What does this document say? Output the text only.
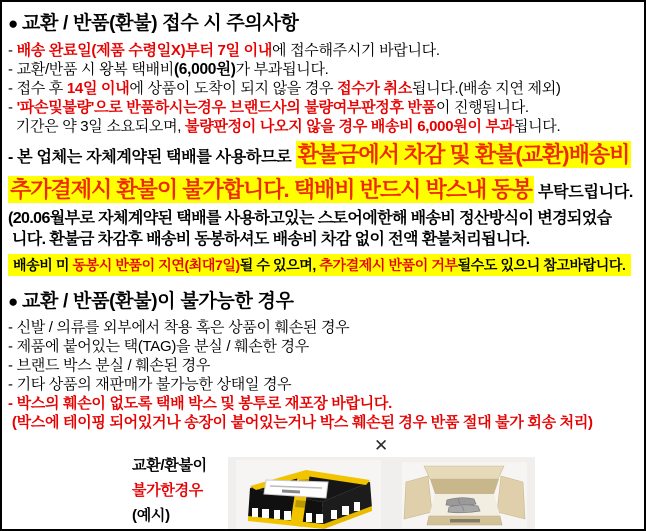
● 교환 / 반품(환불) 접수 시 주의사항
- 배송 완료일(제품 수령일X)부터 7일 이내에 접수해주시기 바랍니다.
- 교환/반품 시 왕복 택배비(6,000원)가 부과됩니다.
- 접수 후 14일 이내에 상품이 도착이 되지 않을 경우 접수가 취소됩니다.(배송 지연 제외)
- '파손및불량'으로 반품하시는경우 브랜드사의 불량여부판정후 반품이 진행됩니다.
기간은 약 3일 소요되오며, 불량판정이 나오지 않을 경우 배송비 6,000원이 부과됩니다.
- 본 업체는 자체계약된 택배를 사용하므로 환불금에서 차감 및 환불(교환)배송비
추가결제시 환불이 불가합니다. 택배비 반드시 박스내 동봉 부탁드립니다.
(20.06월부로 자체계약된 택배를 사용하고있는 스토어에한해 배송비 정산방식이 변경되었습
니다. 환불금 차감후 배송비 동봉하셔도 배송비 차감 없이 전액 환불처리됩니다.
배송비 미 동봉시 반품이 지연(최대7일)될 수 있으며, 추가결제시 반품이 거부될수도 있으니 참고바랍니다.
● 교환 / 반품(환불)이 불가능한 경우
- 신발 / 의류를 외부에서 착용 혹은 상품이 훼손된 경우
- 제품에 붙어있는 택(TAG)을 분실 / 훼손한 경우
- 브랜드 박스 분실 / 훼손된 경우
- 기타 상품의 재판매가 불가능한 상태일 경우
- 박스의 훼손이 없도록 택배 박스 및 봉투로 재포장 바랍니다.
(박스에 테이핑 되어있거나 송장이 붙어있는거나 박스 훼손된 경우 반품 절대 불가 회송 처리)
교환/환불이
불가한경우
(예시)
✕
